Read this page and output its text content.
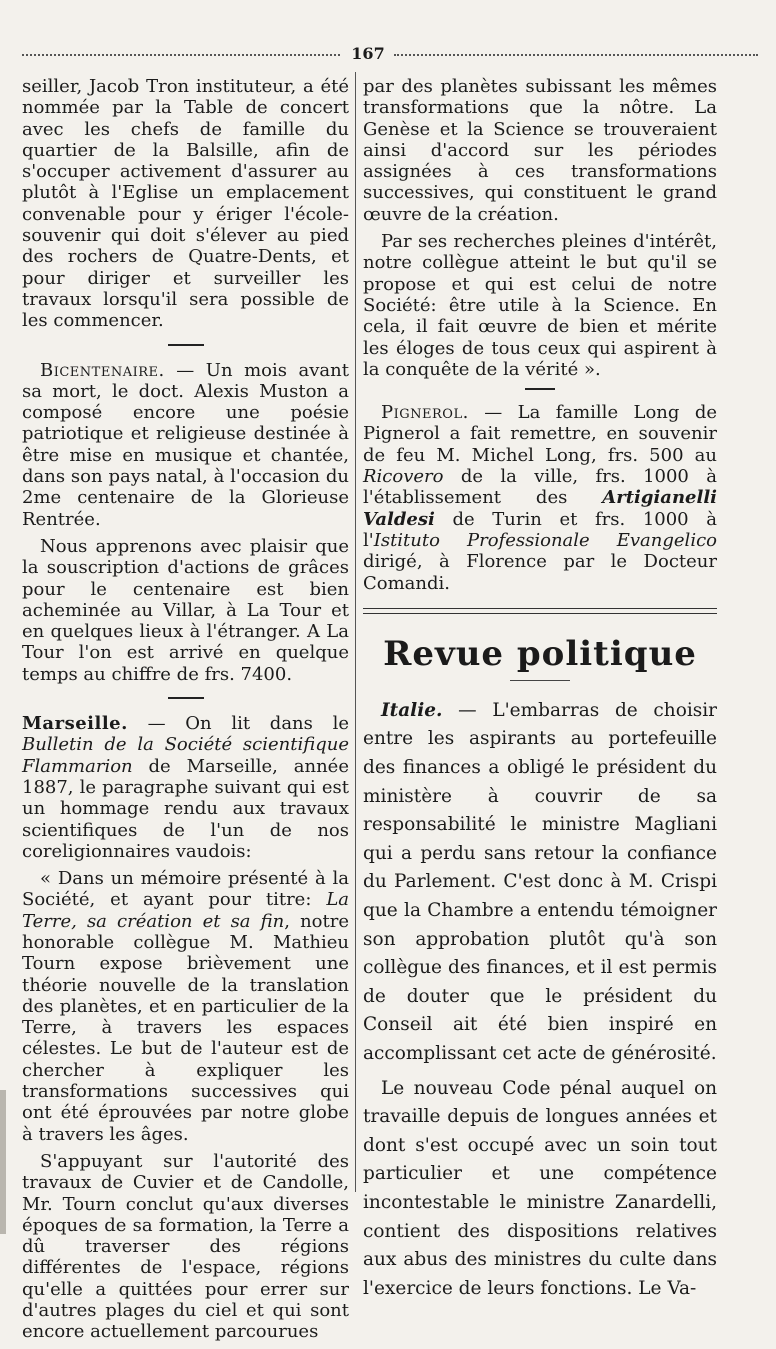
167

seiller, Jacob Tron instituteur, a été nommée par la Table de concert avec les chefs de famille du quartier de la Balsille, afin de s'occuper activement d'assurer au plutôt à l'Eglise un emplacement convenable pour y ériger l'école-souvenir qui doit s'élever au pied des rochers de Quatre-Dents, et pour diriger et surveiller les travaux lorsqu'il sera possible de les commencer.

Bicentenaire. — Un mois avant sa mort, le doct. Alexis Muston a composé encore une poésie patriotique et religieuse destinée à être mise en musique et chantée, dans son pays natal, à l'occasion du 2me centenaire de la Glorieuse Rentrée.

Nous apprenons avec plaisir que la souscription d'actions de grâces pour le centenaire est bien acheminée au Villar, à La Tour et en quelques lieux à l'étranger. A La Tour l'on est arrivé en quelque temps au chiffre de frs. 7400.

Marseille. — On lit dans le Bulletin de la Société scientifique Flammarion de Marseille, année 1887, le paragraphe suivant qui est un hommage rendu aux travaux scientifiques de l'un de nos coreligionnaires vaudois:

« Dans un mémoire présenté à la Société, et ayant pour titre: La Terre, sa création et sa fin, notre honorable collègue M. Mathieu Tourn expose brièvement une théorie nouvelle de la translation des planètes, et en particulier de la Terre, à travers les espaces célestes. Le but de l'auteur est de chercher à expliquer les transformations successives qui ont été éprouvées par notre globe à travers les âges.

S'appuyant sur l'autorité des travaux de Cuvier et de Candolle, Mr. Tourn conclut qu'aux diverses époques de sa formation, la Terre a dû traverser des régions différentes de l'espace, régions qu'elle a quittées pour errer sur d'autres plages du ciel et qui sont encore actuellement parcourues

par des planètes subissant les mêmes transformations que la nôtre. La Genèse et la Science se trouveraient ainsi d'accord sur les périodes assignées à ces transformations successives, qui constituent le grand œuvre de la création.

Par ses recherches pleines d'intérêt, notre collègue atteint le but qu'il se propose et qui est celui de notre Société: être utile à la Science. En cela, il fait œuvre de bien et mérite les éloges de tous ceux qui aspirent à la conquête de la vérité ».

Pignerol. — La famille Long de Pignerol a fait remettre, en souvenir de feu M. Michel Long, frs. 500 au Ricovero de la ville, frs. 1000 à l'établissement des Artigianelli Valdesi de Turin et frs. 1000 à l'Istituto Professionale Evangelico dirigé, à Florence par le Docteur Comandi.

Revue politique

Italie. — L'embarras de choisir entre les aspirants au portefeuille des finances a obligé le président du ministère à couvrir de sa responsabilité le ministre Magliani qui a perdu sans retour la confiance du Parlement. C'est donc à M. Crispi que la Chambre a entendu témoigner son approbation plutôt qu'à son collègue des finances, et il est permis de douter que le président du Conseil ait été bien inspiré en accomplissant cet acte de générosité.

Le nouveau Code pénal auquel on travaille depuis de longues années et dont s'est occupé avec un soin tout particulier et une compétence incontestable le ministre Zanardelli, contient des dispositions relatives aux abus des ministres du culte dans l'exercice de leurs fonctions. Le Va-
